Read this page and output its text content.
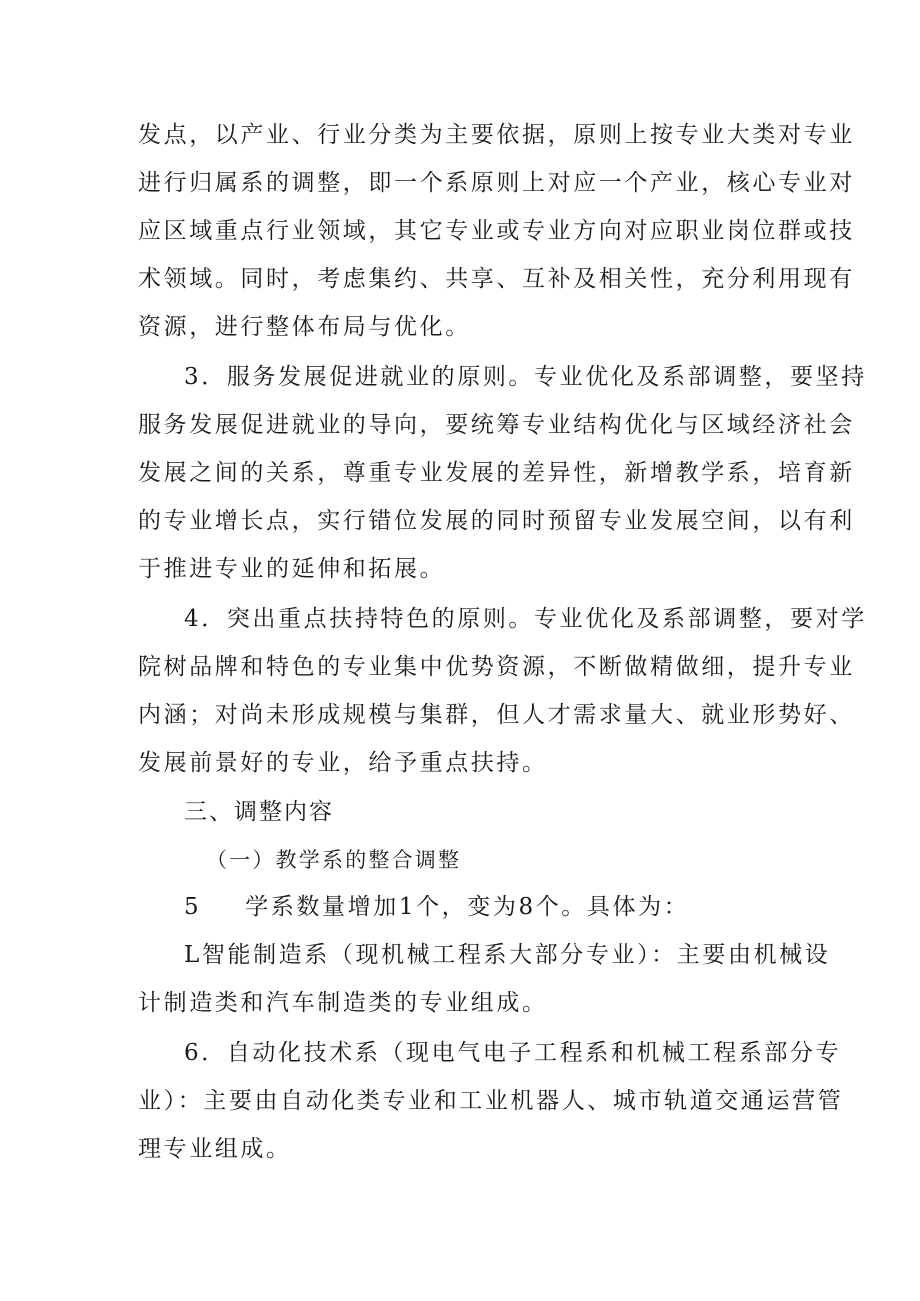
发点，以产业、行业分类为主要依据，原则上按专业大类对专业
进行归属系的调整，即一个系原则上对应一个产业，核心专业对
应区域重点行业领域，其它专业或专业方向对应职业岗位群或技
术领域。同时，考虑集约、共享、互补及相关性，充分利用现有
资源，进行整体布局与优化。
3．服务发展促进就业的原则。专业优化及系部调整，要坚持
服务发展促进就业的导向，要统筹专业结构优化与区域经济社会
发展之间的关系，尊重专业发展的差异性，新增教学系，培育新
的专业增长点，实行错位发展的同时预留专业发展空间，以有利
于推进专业的延伸和拓展。
4．突出重点扶持特色的原则。专业优化及系部调整，要对学
院树品牌和特色的专业集中优势资源，不断做精做细，提升专业
内涵；对尚未形成规模与集群，但人才需求量大、就业形势好、
发展前景好的专业，给予重点扶持。
三、调整内容
（一）教学系的整合调整
5 学系数量增加1个，变为8个。具体为：
L智能制造系（现机械工程系大部分专业）：主要由机械设
计制造类和汽车制造类的专业组成。
6．自动化技术系（现电气电子工程系和机械工程系部分专
业）：主要由自动化类专业和工业机器人、城市轨道交通运营管
理专业组成。
